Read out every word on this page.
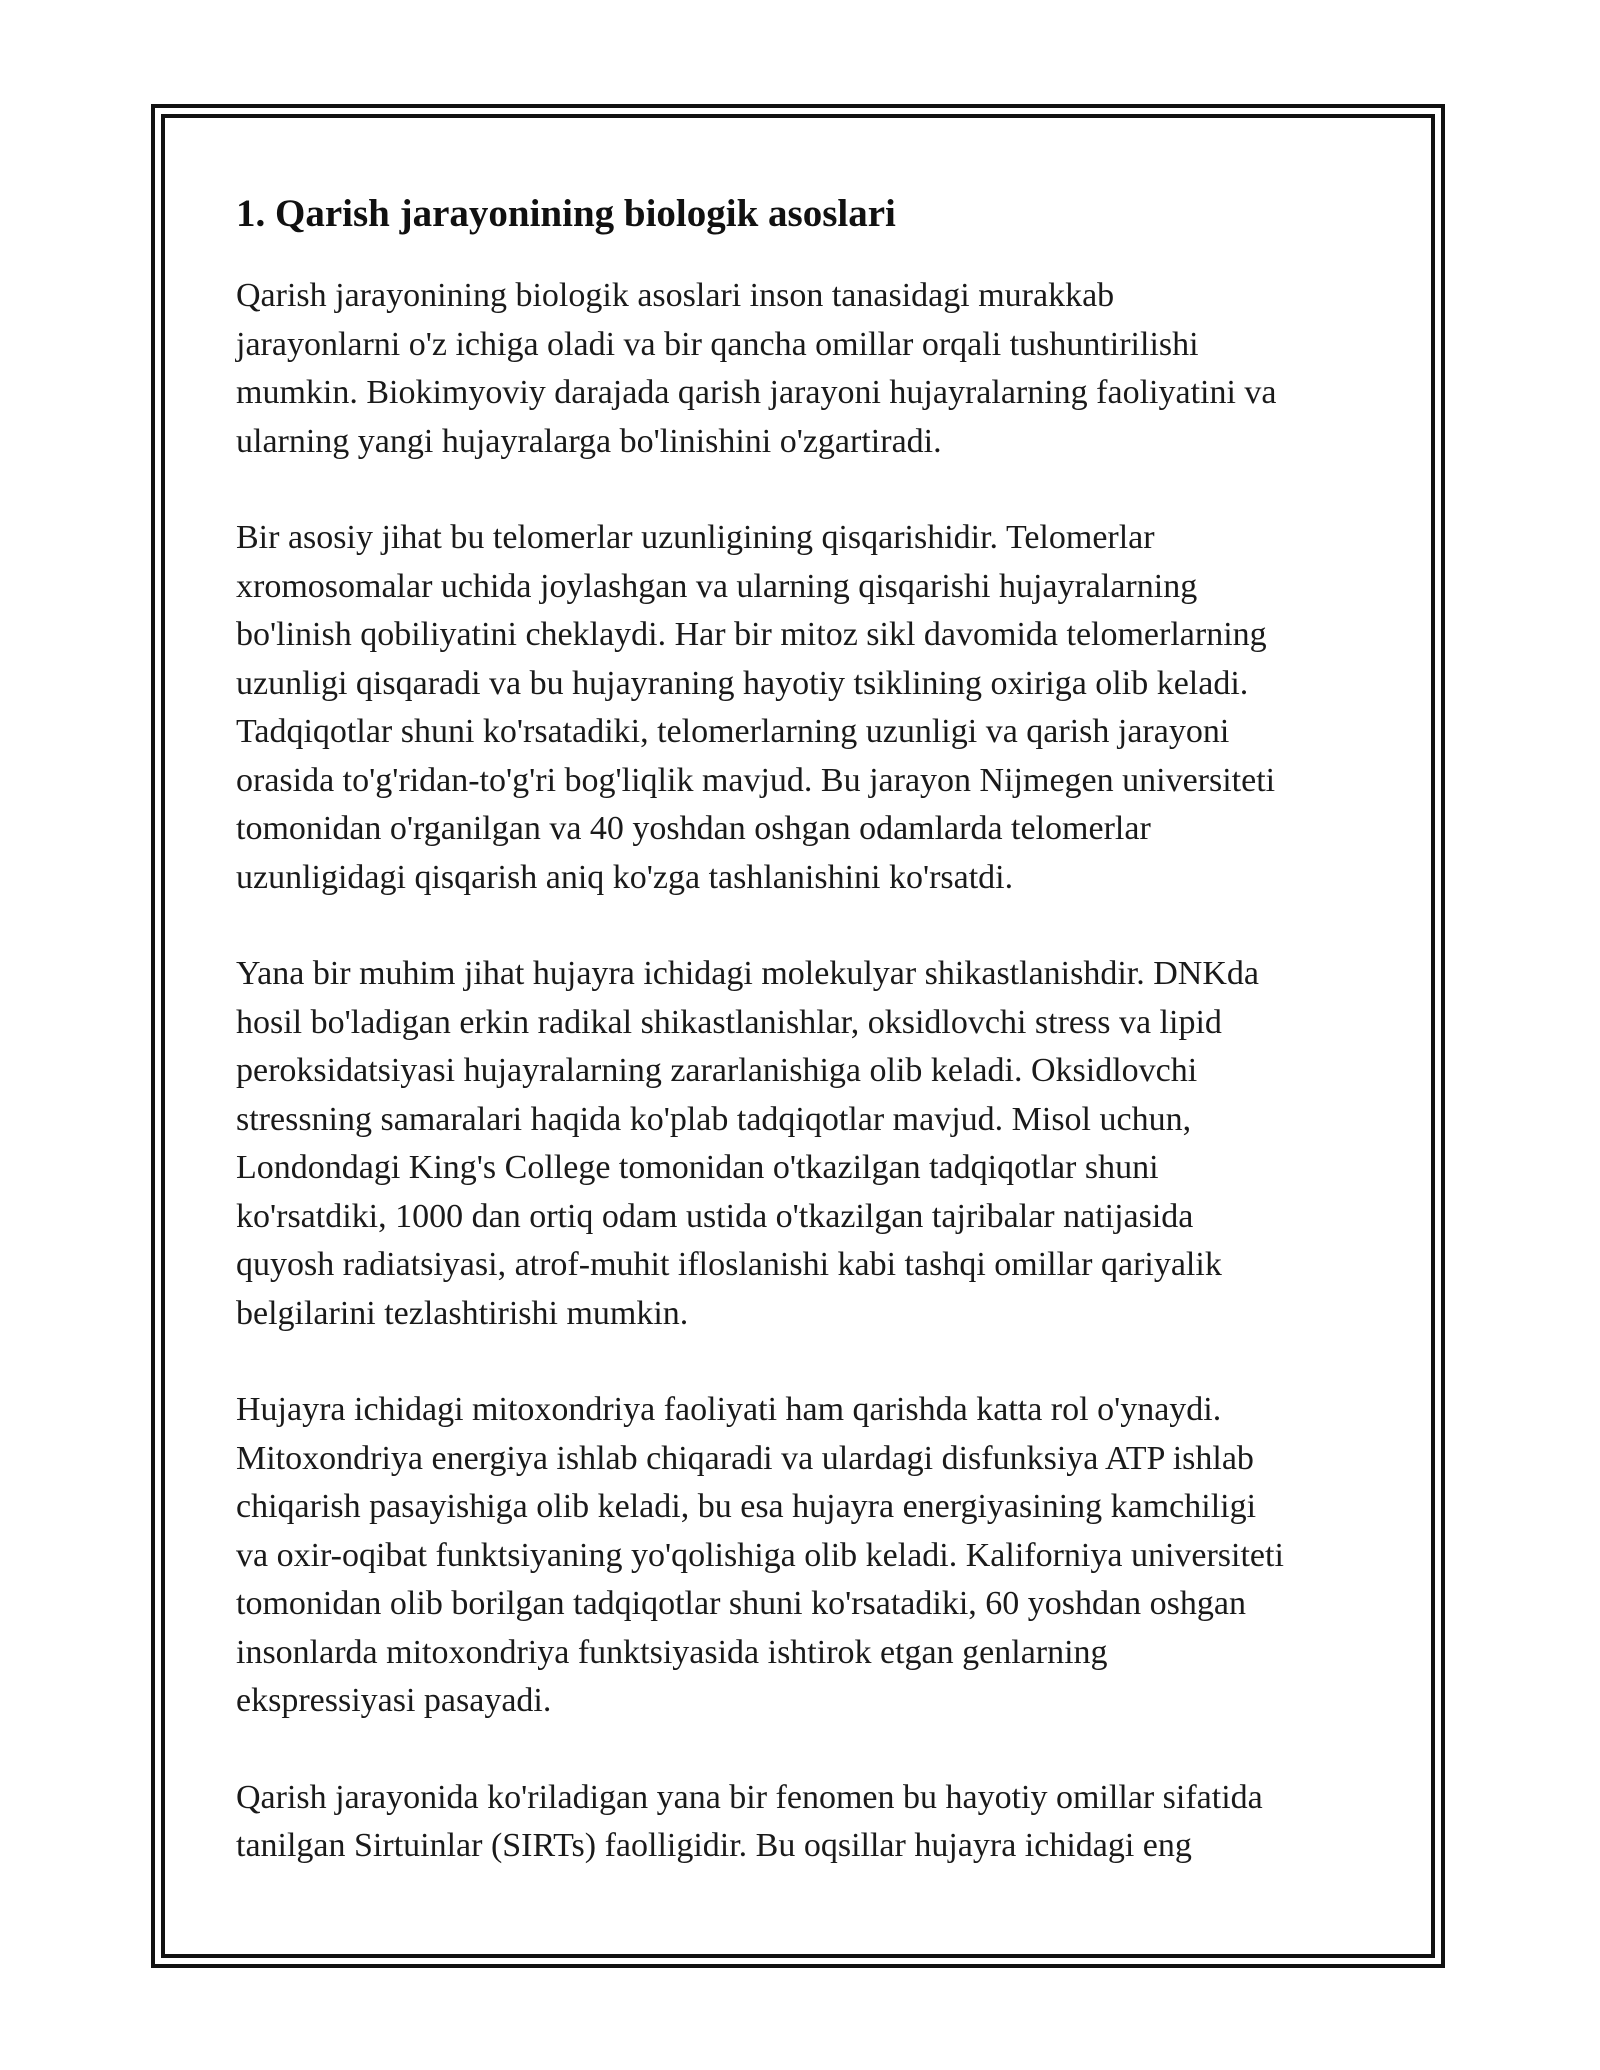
1. Qarish jarayonining biologik asoslari
Qarish jarayonining biologik asoslari inson tanasidagi murakkab
jarayonlarni o'z ichiga oladi va bir qancha omillar orqali tushuntirilishi
mumkin. Biokimyoviy darajada qarish jarayoni hujayralarning faoliyatini va
ularning yangi hujayralarga bo'linishini o'zgartiradi.
Bir asosiy jihat bu telomerlar uzunligining qisqarishidir. Telomerlar
xromosomalar uchida joylashgan va ularning qisqarishi hujayralarning
bo'linish qobiliyatini cheklaydi. Har bir mitoz sikl davomida telomerlarning
uzunligi qisqaradi va bu hujayraning hayotiy tsiklining oxiriga olib keladi.
Tadqiqotlar shuni ko'rsatadiki, telomerlarning uzunligi va qarish jarayoni
orasida to'g'ridan-to'g'ri bog'liqlik mavjud. Bu jarayon Nijmegen universiteti
tomonidan o'rganilgan va 40 yoshdan oshgan odamlarda telomerlar
uzunligidagi qisqarish aniq ko'zga tashlanishini ko'rsatdi.
Yana bir muhim jihat hujayra ichidagi molekulyar shikastlanishdir. DNKda
hosil bo'ladigan erkin radikal shikastlanishlar, oksidlovchi stress va lipid
peroksidatsiyasi hujayralarning zararlanishiga olib keladi. Oksidlovchi
stressning samaralari haqida ko'plab tadqiqotlar mavjud. Misol uchun,
Londondagi King's College tomonidan o'tkazilgan tadqiqotlar shuni
ko'rsatdiki, 1000 dan ortiq odam ustida o'tkazilgan tajribalar natijasida
quyosh radiatsiyasi, atrof-muhit ifloslanishi kabi tashqi omillar qariyalik
belgilarini tezlashtirishi mumkin.
Hujayra ichidagi mitoxondriya faoliyati ham qarishda katta rol o'ynaydi.
Mitoxondriya energiya ishlab chiqaradi va ulardagi disfunksiya ATP ishlab
chiqarish pasayishiga olib keladi, bu esa hujayra energiyasining kamchiligi
va oxir-oqibat funktsiyaning yo'qolishiga olib keladi. Kaliforniya universiteti
tomonidan olib borilgan tadqiqotlar shuni ko'rsatadiki, 60 yoshdan oshgan
insonlarda mitoxondriya funktsiyasida ishtirok etgan genlarning
ekspressiyasi pasayadi.
Qarish jarayonida ko'riladigan yana bir fenomen bu hayotiy omillar sifatida
tanilgan Sirtuinlar (SIRTs) faolligidir. Bu oqsillar hujayra ichidagi eng
